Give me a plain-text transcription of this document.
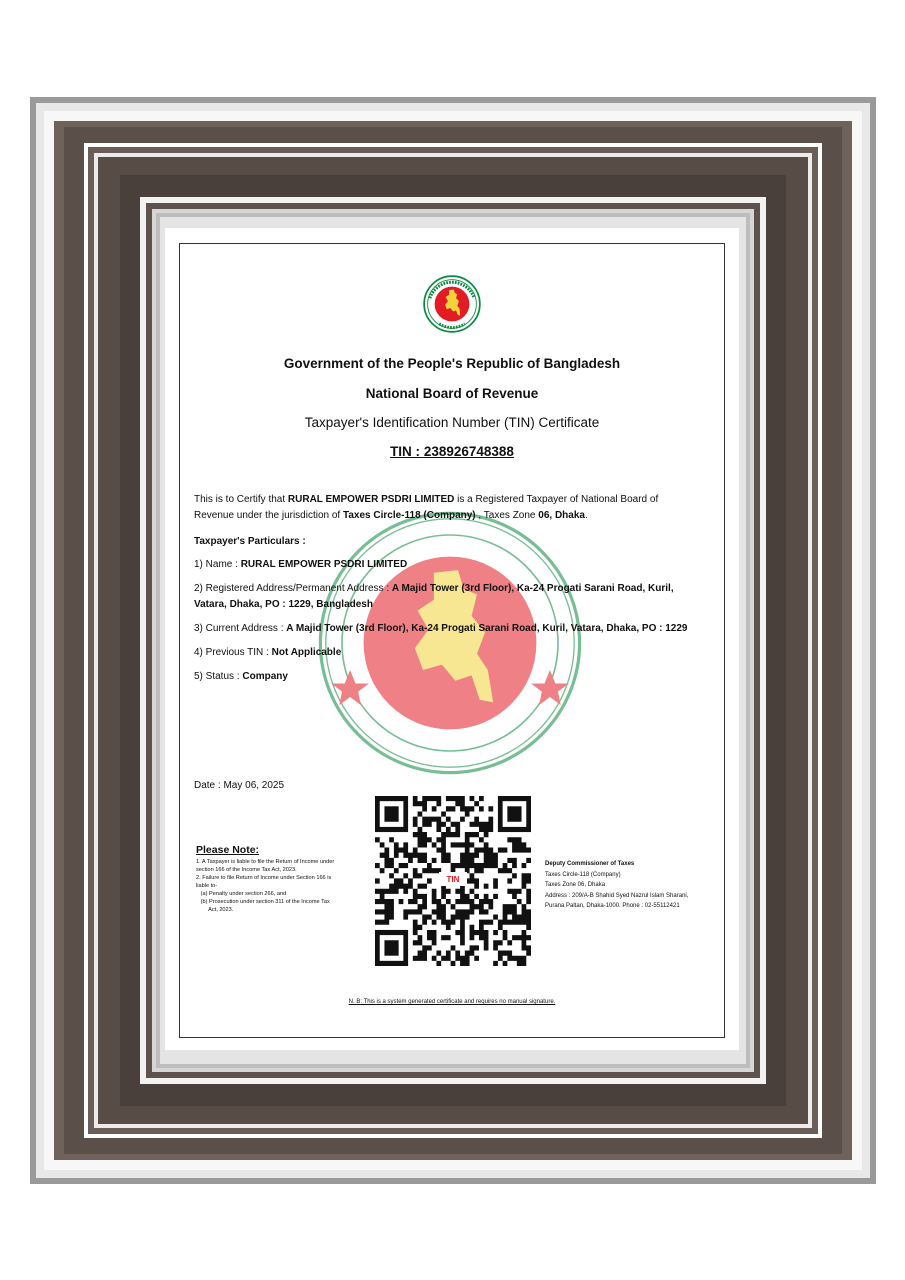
Government of the People's Republic of Bangladesh
National Board of Revenue
Taxpayer's Identification Number (TIN) Certificate
TIN : 238926748388
This is to Certify that RURAL EMPOWER PSDRI LIMITED is a Registered Taxpayer of National Board of Revenue under the jurisdiction of Taxes Circle-118 (Company) , Taxes Zone 06, Dhaka.
Taxpayer's Particulars :
1) Name : RURAL EMPOWER PSDRI LIMITED
2) Registered Address/Permanent Address : A Majid Tower (3rd Floor), Ka-24 Progati Sarani Road, Kuril, Vatara, Dhaka, PO : 1229, Bangladesh
3) Current Address : A Majid Tower (3rd Floor), Ka-24 Progati Sarani Road, Kuril, Vatara, Dhaka, PO : 1229
4) Previous TIN : Not Applicable
5) Status : Company
Date : May 06, 2025
Please Note:
1. A Taxpayer is liable to file the Return of Income under
section 166 of the Income Tax Act, 2023.
2. Failure to file Return of Income under Section 166 is
liable to-
(a) Penalty under section 266, and
(b) Prosecution under section 311 of the Income Tax
Act, 2023.
TIN
Deputy Commissioner of Taxes
Taxes Circle-118 (Company)
Taxes Zone 06, Dhaka
Address : 209/A-B Shahid Syed Nazrul Islam Sharani,
Purana Paltan, Dhaka-1000. Phone : 02-55112421
N. B: This is a system generated certificate and requires no manual signature.
